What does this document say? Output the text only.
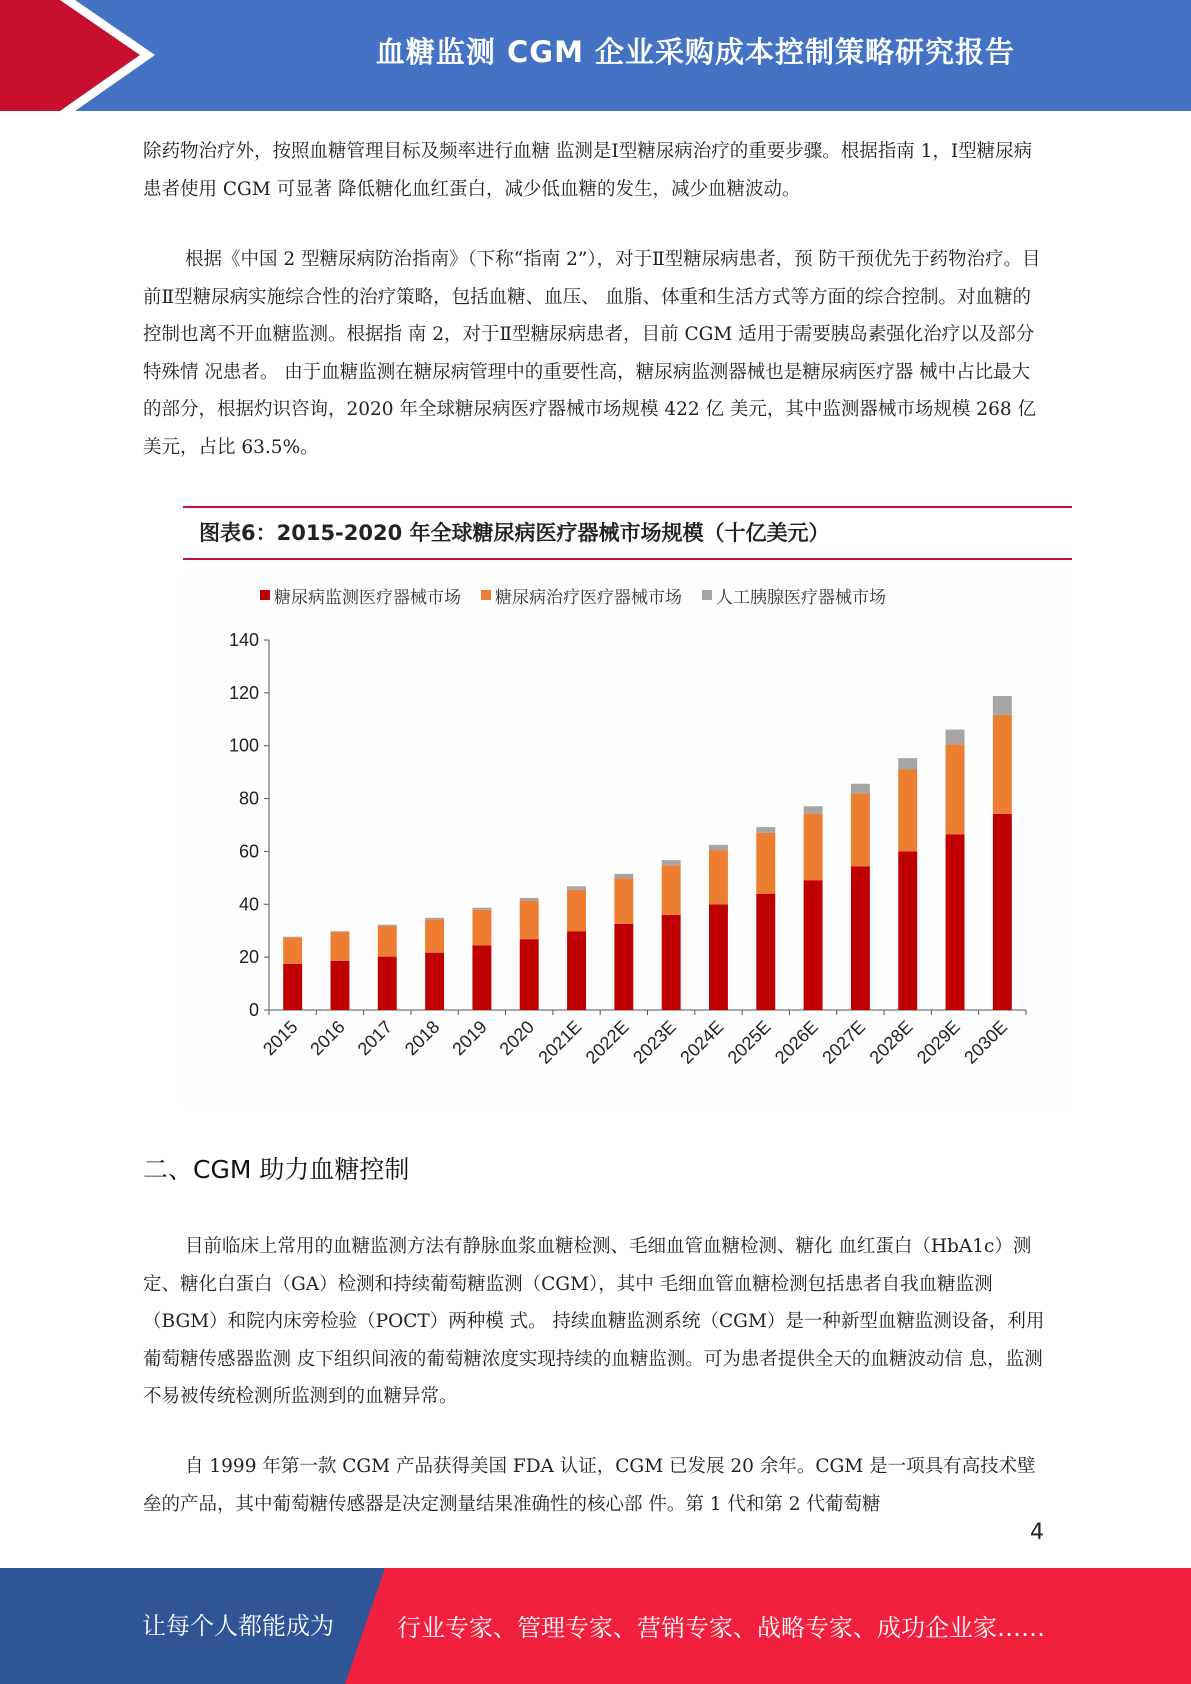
血糖监测 CGM 企业采购成本控制策略研究报告

除药物治疗外，按照血糖管理目标及频率进行血糖 监测是Ⅰ型糖尿病治疗的重要步骤。根据指南 1，Ⅰ型糖尿病患者使用 CGM 可显著 降低糖化血红蛋白，减少低血糖的发生，减少血糖波动。

根据《中国 2 型糖尿病防治指南》（下称“指南 2”），对于Ⅱ型糖尿病患者，预 防干预优先于药物治疗。目前Ⅱ型糖尿病实施综合性的治疗策略，包括血糖、血压、 血脂、体重和生活方式等方面的综合控制。对血糖的控制也离不开血糖监测。根据指 南 2，对于Ⅱ型糖尿病患者，目前 CGM 适用于需要胰岛素强化治疗以及部分特殊情 况患者。 由于血糖监测在糖尿病管理中的重要性高，糖尿病监测器械也是糖尿病医疗器 械中占比最大的部分，根据灼识咨询，2020 年全球糖尿病医疗器械市场规模 422 亿 美元，其中监测器械市场规模 268 亿美元，占比 63.5%。

图表6：2015-2020 年全球糖尿病医疗器械市场规模（十亿美元）
0
20
40
60
80
100
120
140
2015 2016 2017 2018 2019 2020
2021E
2022E
2023E
2024E
2025E
2026E
2027E
2028E
2029E
2030E
糖尿病监测医疗器械市场 糖尿病治疗医疗器械市场 人工胰腺医疗器械市场
二、CGM 助力血糖控制

目前临床上常用的血糖监测方法有静脉血浆血糖检测、毛细血管血糖检测、糖化 血红蛋白（HbA1c）测定、糖化白蛋白（GA）检测和持续葡萄糖监测（CGM），其中 毛细血管血糖检测包括患者自我血糖监测（BGM）和院内床旁检验（POCT）两种模 式。 持续血糖监测系统（CGM）是一种新型血糖监测设备，利用葡萄糖传感器监测 皮下组织间液的葡萄糖浓度实现持续的血糖监测。可为患者提供全天的血糖波动信 息，监测不易被传统检测所监测到的血糖异常。

自 1999 年第一款 CGM 产品获得美国 FDA 认证，CGM 已发展 20 余年。CGM 是一项具有高技术壁垒的产品，其中葡萄糖传感器是决定测量结果准确性的核心部 件。第 1 代和第 2 代葡萄糖

4
让每个人都能成为	行业专家、管理专家、营销专家、战略专家、成功企业家……
